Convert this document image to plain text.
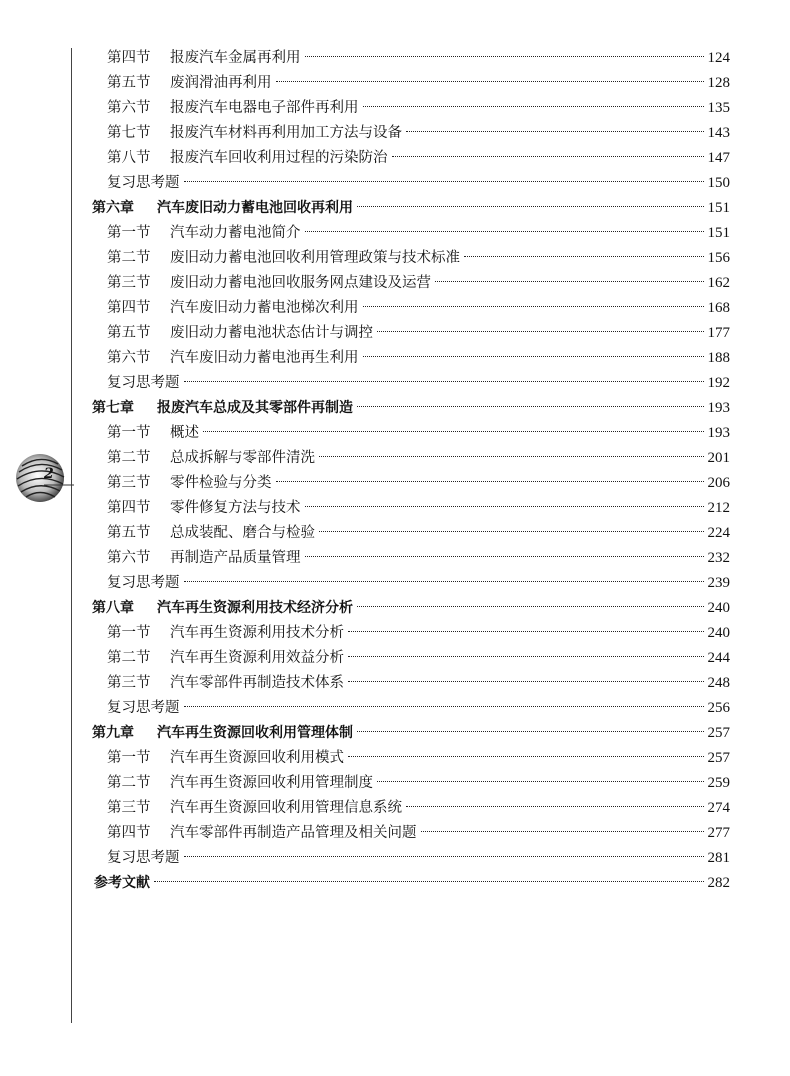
2
第四节	报废汽车金属再利用	124
第五节	废润滑油再利用	128
第六节	报废汽车电器电子部件再利用	135
第七节	报废汽车材料再利用加工方法与设备	143
第八节	报废汽车回收利用过程的污染防治	147
复习思考题	150
第六章	汽车废旧动力蓄电池回收再利用	151
第一节	汽车动力蓄电池简介	151
第二节	废旧动力蓄电池回收利用管理政策与技术标准	156
第三节	废旧动力蓄电池回收服务网点建设及运营	162
第四节	汽车废旧动力蓄电池梯次利用	168
第五节	废旧动力蓄电池状态估计与调控	177
第六节	汽车废旧动力蓄电池再生利用	188
复习思考题	192
第七章	报废汽车总成及其零部件再制造	193
第一节	概述	193
第二节	总成拆解与零部件清洗	201
第三节	零件检验与分类	206
第四节	零件修复方法与技术	212
第五节	总成装配、磨合与检验	224
第六节	再制造产品质量管理	232
复习思考题	239
第八章	汽车再生资源利用技术经济分析	240
第一节	汽车再生资源利用技术分析	240
第二节	汽车再生资源利用效益分析	244
第三节	汽车零部件再制造技术体系	248
复习思考题	256
第九章	汽车再生资源回收利用管理体制	257
第一节	汽车再生资源回收利用模式	257
第二节	汽车再生资源回收利用管理制度	259
第三节	汽车再生资源回收利用管理信息系统	274
第四节	汽车零部件再制造产品管理及相关问题	277
复习思考题	281
参考文献	282
